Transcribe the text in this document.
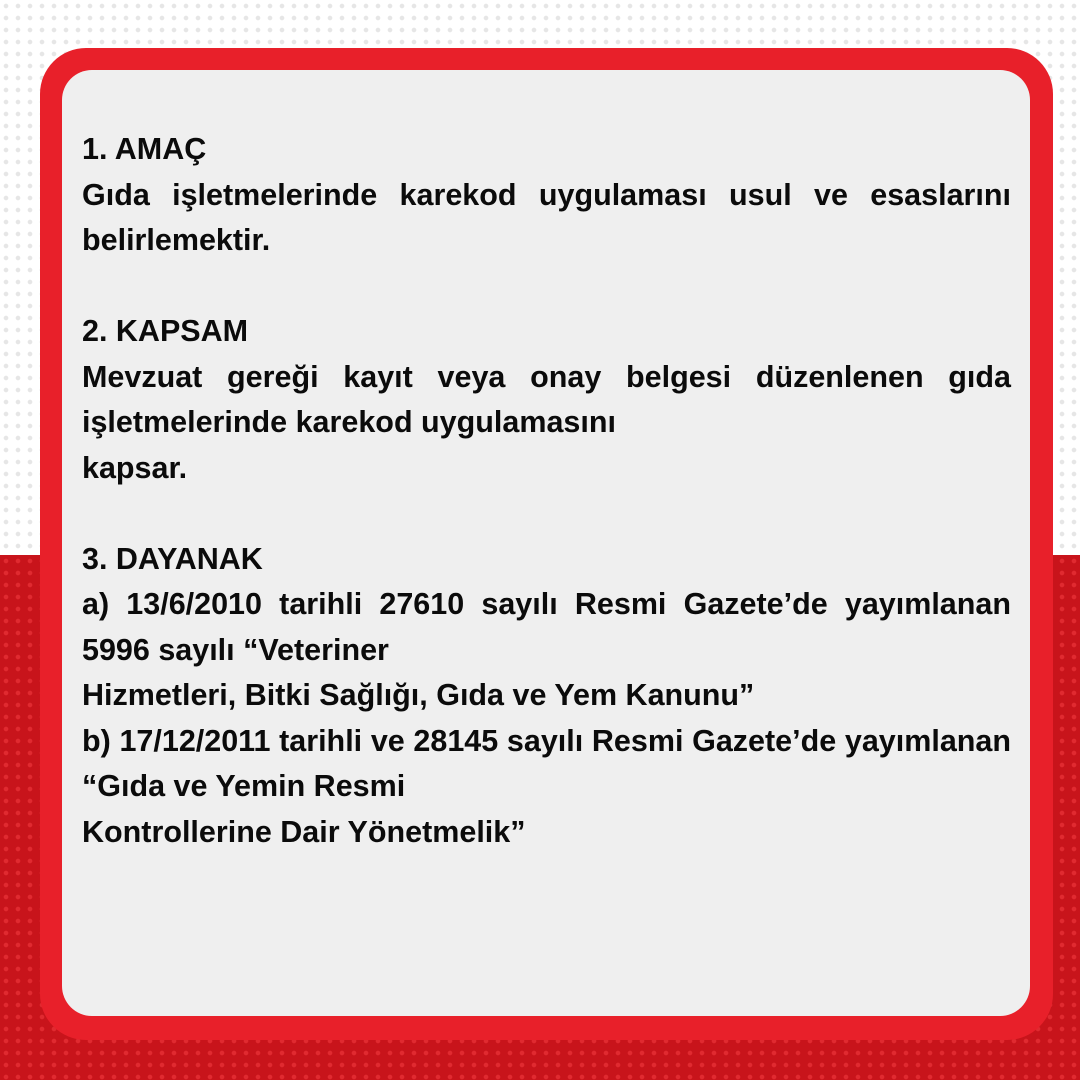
1. AMAÇ

Gıda işletmelerinde karekod uygulaması usul ve esaslarını belirlemektir.

2. KAPSAM

Mevzuat gereği kayıt veya onay belgesi düzenlenen gıda işletmelerinde karekod uygulamasını

kapsar.

3. DAYANAK

a) 13/6/2010 tarihli 27610 sayılı Resmi Gazete’de yayımlanan 5996 sayılı “Veteriner

Hizmetleri, Bitki Sağlığı, Gıda ve Yem Kanunu”

b) 17/12/2011 tarihli ve 28145 sayılı Resmi Gazete’de yayımlanan “Gıda ve Yemin Resmi

Kontrollerine Dair Yönetmelik”
